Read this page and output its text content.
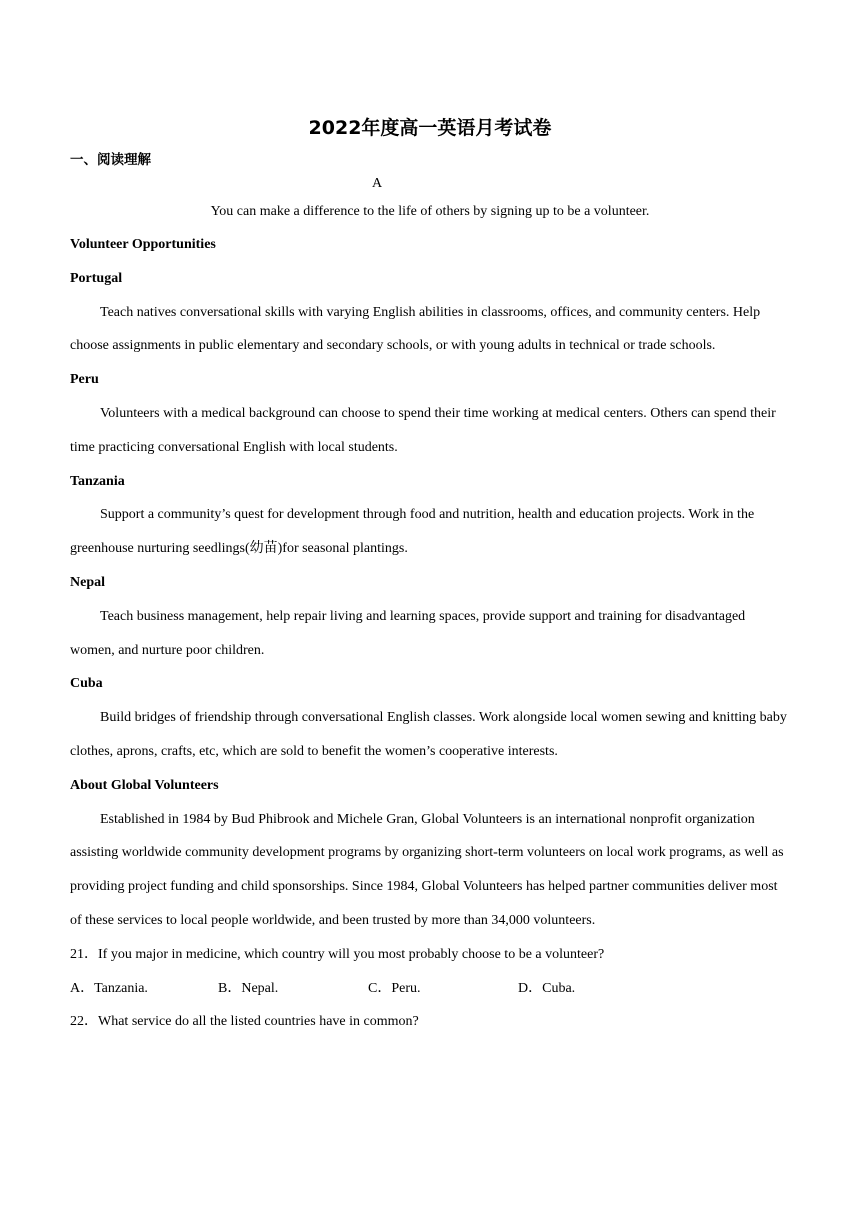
2022年度高一英语月考试卷
一、阅读理解
A
You can make a difference to the life of others by signing up to be a volunteer.

Volunteer Opportunities

Portugal

Teach natives conversational skills with varying English abilities in classrooms, offices, and community centers. Help choose assignments in public elementary and secondary schools, or with young adults in technical or trade schools.

Peru

Volunteers with a medical background can choose to spend their time working at medical centers. Others can spend their time practicing conversational English with local students.

Tanzania

Support a community’s quest for development through food and nutrition, health and education projects. Work in the greenhouse nurturing seedlings(幼苗)for seasonal plantings.

Nepal

Teach business management, help repair living and learning spaces, provide support and training for disadvantaged women, and nurture poor children.

Cuba

Build bridges of friendship through conversational English classes. Work alongside local women sewing and knitting baby clothes, aprons, crafts, etc, which are sold to benefit the women’s cooperative interests.

About Global Volunteers

Established in 1984 by Bud Phibrook and Michele Gran, Global Volunteers is an international nonprofit organization assisting worldwide community development programs by organizing short-term volunteers on local work programs, as well as providing project funding and child sponsorships. Since 1984, Global Volunteers has helped partner communities deliver most of these services to local people worldwide, and been trusted by more than 34,000 volunteers.

21．If you major in medicine, which country will you most probably choose to be a volunteer?

A．Tanzania.	B．Nepal.	C．Peru.	D．Cuba.

22．What service do all the listed countries have in common?
